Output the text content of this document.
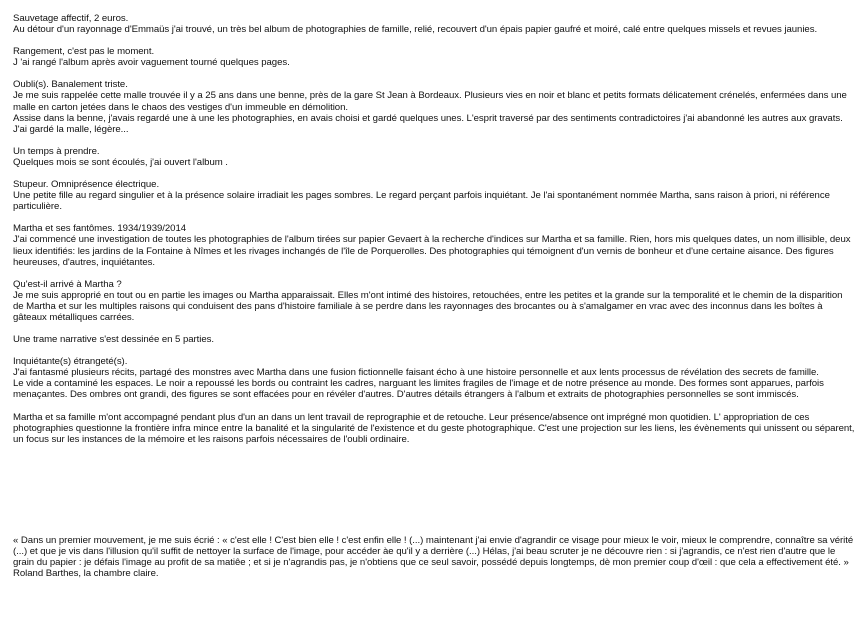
Sauvetage affectif, 2 euros.

Au détour d'un rayonnage d'Emmaüs j'ai trouvé, un très bel album de photographies de famille, relié, recouvert d'un épais papier gaufré et moiré, calé entre quelques missels et revues jaunies.

Rangement, c'est pas le moment.

J 'ai rangé l'album après avoir vaguement tourné quelques pages.

Oubli(s). Banalement triste.

Je me suis rappelée cette malle trouvée il y a 25 ans dans une benne, près de la gare St Jean à Bordeaux. Plusieurs vies en noir et blanc et petits formats délicatement crénelés, enfermées dans une malle en carton jetées dans le chaos des vestiges d'un immeuble en démolition.

Assise dans la benne, j'avais regardé une à une les photographies, en avais choisi et gardé quelques unes. L'esprit traversé par des sentiments contradictoires j'ai abandonné les autres aux gravats.

J'ai gardé la malle, légère...

Un temps à prendre.

Quelques mois se sont écoulés, j'ai ouvert l'album .

Stupeur. Omniprésence électrique.

Une petite fille au regard singulier et à la présence solaire irradiait les pages sombres. Le regard perçant parfois inquiétant. Je l'ai spontanément nommée Martha, sans raison à priori, ni référence particulière.

Martha et ses fantômes. 1934/1939/2014

J'ai commencé une investigation de toutes les photographies de l'album tirées sur papier Gevaert à la recherche d'indices sur Martha et sa famille. Rien, hors mis quelques dates, un nom illisible, deux lieux identifiés: les jardins de la Fontaine à Nîmes et les rivages inchangés de l'île de Porquerolles. Des photographies qui témoignent d'un vernis de bonheur et d'une certaine aisance. Des figures heureuses, d'autres, inquiétantes.

Qu'est-il arrivé à Martha ?

Je me suis approprié en tout ou en partie les images ou Martha apparaissait. Elles m'ont intimé des histoires, retouchées, entre les petites et la grande sur la temporalité et le chemin de la disparition de Martha et sur les multiples raisons qui conduisent des pans d'histoire familiale à se perdre dans les rayonnages des brocantes ou à s'amalgamer en vrac avec des inconnus dans les boîtes à gâteaux métalliques carrées.

Une trame narrative s'est dessinée en 5 parties.

Inquiétante(s) étrangeté(s).

J'ai fantasmé plusieurs récits, partagé des monstres avec Martha dans une fusion fictionnelle faisant écho à une histoire personnelle et aux lents processus de révélation des secrets de famille.

Le vide a contaminé les espaces. Le noir a repoussé les bords ou contraint les cadres, narguant les limites fragiles de l'image et de notre présence au monde. Des formes sont apparues, parfois menaçantes. Des ombres ont grandi, des figures se sont effacées pour en révéler d'autres. D'autres détails étrangers à l'album et extraits de photographies personnelles se sont immiscés.

Martha et sa famille m'ont accompagné pendant plus d'un an dans un lent travail de reprographie et de retouche. Leur présence/absence ont imprégné mon quotidien. L' appropriation de ces photographies questionne la frontière infra mince entre la banalité et la singularité de l'existence et du geste photographique. C'est une projection sur les liens, les évènements qui unissent ou séparent, un focus sur les instances de la mémoire et les raisons parfois nécessaires de l'oubli ordinaire.

« Dans un premier mouvement, je me suis écrié : « c'est elle ! C'est bien elle ! c'est enfin elle ! (...) maintenant j'ai envie d'agrandir ce visage pour mieux le voir, mieux le comprendre, connaître sa vérité (...) et que je vis dans l'illusion qu'il suffit de nettoyer la surface de l'image, pour accéder àe qu'il y a derrière (...) Hélas, j'ai beau scruter je ne découvre rien : si j'agrandis, ce n'est rien d'autre que le grain du papier : je défais l'image au profit de sa matiêe ; et si je n'agrandis pas, je n'obtiens que ce seul savoir, possédé depuis longtemps, dè mon premier coup d'œil : que cela a effectivement été. »

Roland Barthes, la chambre claire.
